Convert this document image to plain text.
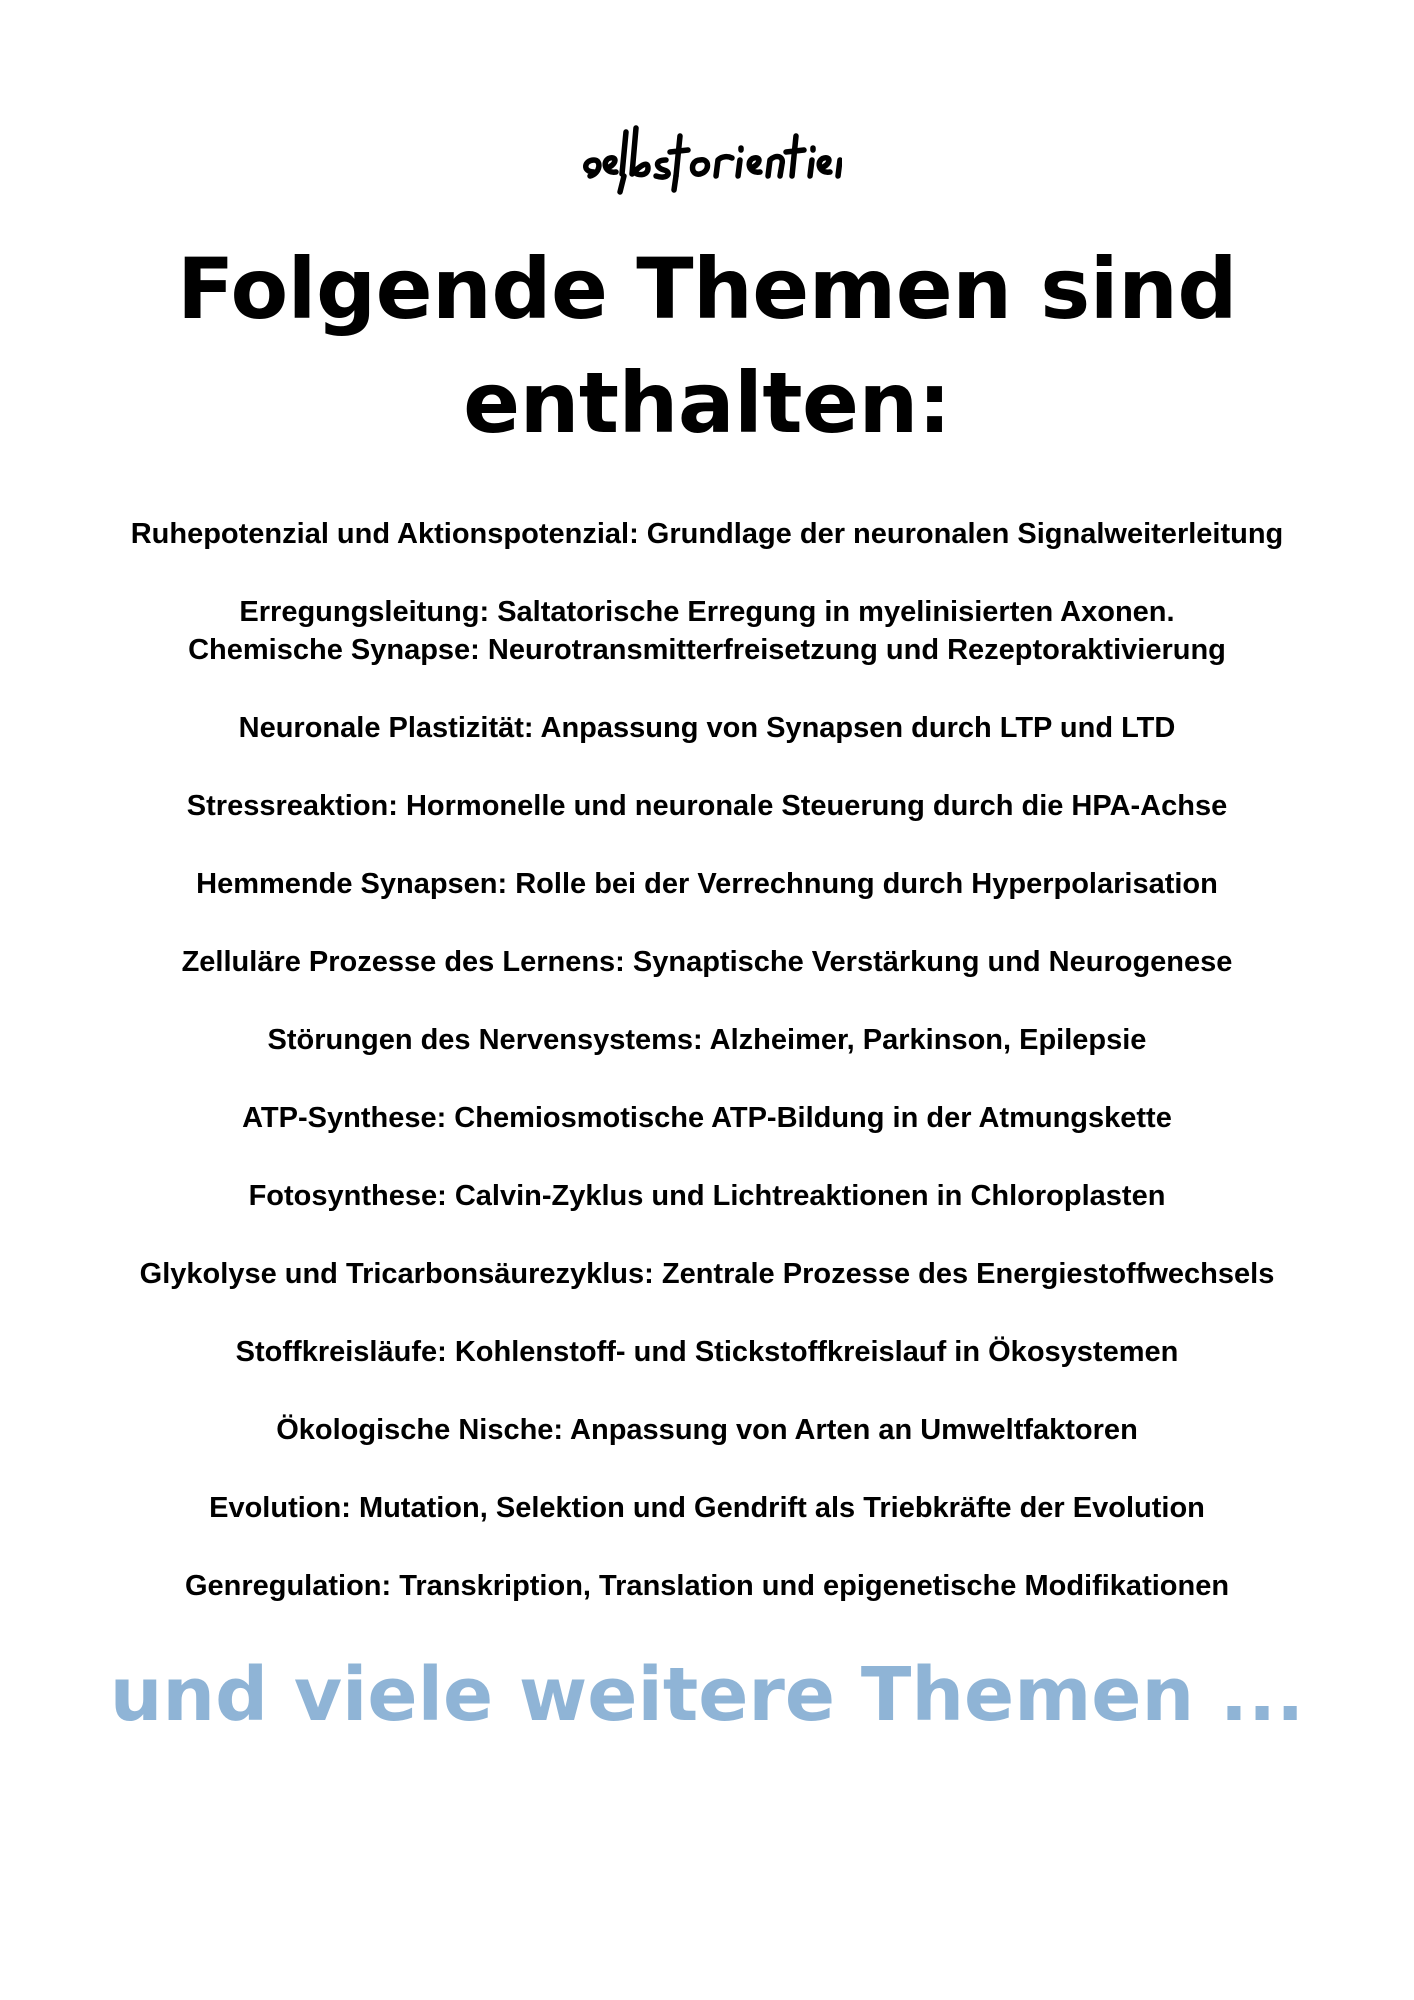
selbstorientiert
Folgende Themen sind
enthalten:

Ruhepotenzial und Aktionspotenzial: Grundlage der neuronalen Signalweiterleitung

Erregungsleitung: Saltatorische Erregung in myelinisierten Axonen.

Chemische Synapse: Neurotransmitterfreisetzung und Rezeptoraktivierung

Neuronale Plastizität: Anpassung von Synapsen durch LTP und LTD

Stressreaktion: Hormonelle und neuronale Steuerung durch die HPA-Achse

Hemmende Synapsen: Rolle bei der Verrechnung durch Hyperpolarisation

Zelluläre Prozesse des Lernens: Synaptische Verstärkung und Neurogenese

Störungen des Nervensystems: Alzheimer, Parkinson, Epilepsie

ATP-Synthese: Chemiosmotische ATP-Bildung in der Atmungskette

Fotosynthese: Calvin-Zyklus und Lichtreaktionen in Chloroplasten

Glykolyse und Tricarbonsäurezyklus: Zentrale Prozesse des Energiestoffwechsels

Stoffkreisläufe: Kohlenstoff- und Stickstoffkreislauf in Ökosystemen

Ökologische Nische: Anpassung von Arten an Umweltfaktoren

Evolution: Mutation, Selektion und Gendrift als Triebkräfte der Evolution

Genregulation: Transkription, Translation und epigenetische Modifikationen

und viele weitere Themen ...
